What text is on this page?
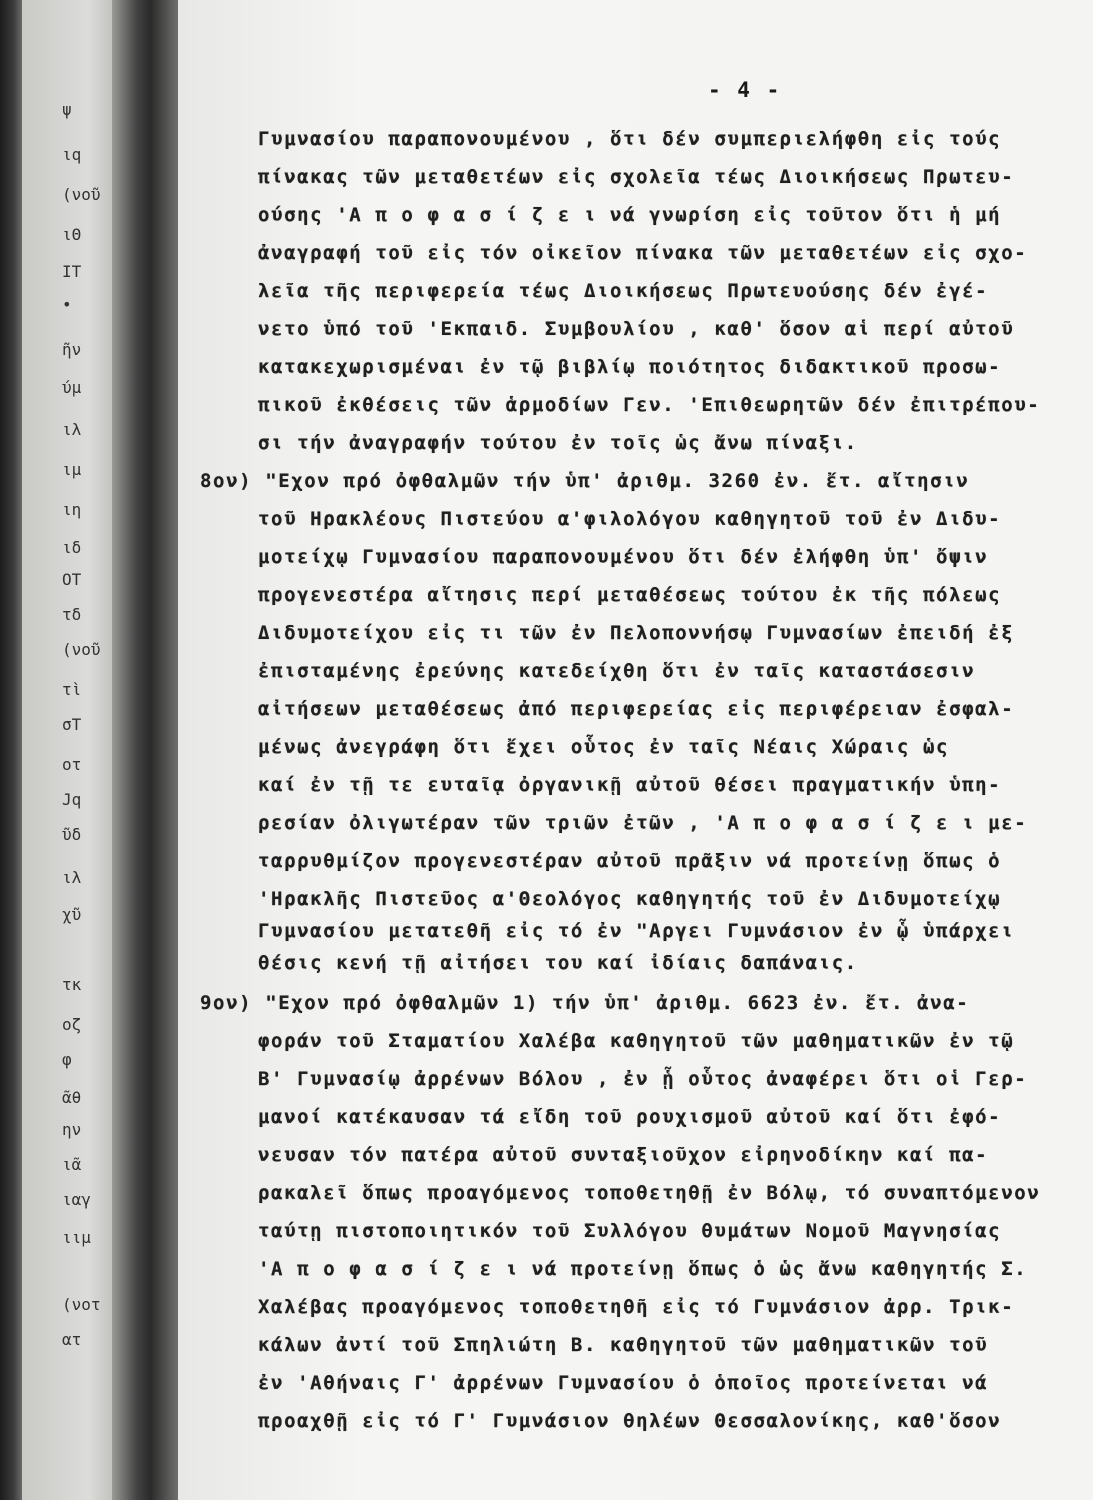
ψ
ιq
(νοῦ
ιΘ
ΙΤ
•
ῆν
ύμ
ιλ
ιμ
ιη
ιδ
ΟΤ
τδ
(νοῦ
τὶ
σΤ
οτ
Jq
ῦδ
ιλ
χῦ
τκ
οζ
φ
ᾶθ
ην
ιᾶ
ιαγ
ιιμ
(νοτ
ατ
- 4 -
Γυμνασίου παραπονουμένου , ὅτι δέν συμπεριελήφθη εἰς τούς
πίνακας τῶν μεταθετέων εἰς σχολεῖα τέως Διοικήσεως Πρωτευ-
ούσης 'Α π ο φ α σ ί ζ ε ι νά γνωρίση εἰς τοῦτον ὅτι ἡ μή
ἀναγραφή τοῦ εἰς τόν οἰκεῖον πίνακα τῶν μεταθετέων εἰς σχο-
λεῖα τῆς περιφερεία τέως Διοικήσεως Πρωτευούσης δέν ἐγέ-
νετο ὑπό τοῦ 'Εκπαιδ. Συμβουλίου , καθ' ὅσον αἱ περί αὐτοῦ
κατακεχωρισμέναι ἐν τῷ βιβλίῳ ποιότητος διδακτικοῦ προσω-
πικοῦ ἐκθέσεις τῶν ἁρμοδίων Γεν. 'Επιθεωρητῶν δέν ἐπιτρέπου-
σι τήν ἀναγραφήν τούτου ἐν τοῖς ὡς ἄνω πίναξι.
8ον) "Εχον πρό ὀφθαλμῶν τήν ὑπ' ἀριθμ. 3260 ἐν. ἔτ. αἴτησιν
τοῦ Ηρακλέους Πιστεύου α'φιλολόγου καθηγητοῦ τοῦ ἐν Διδυ-
μοτείχῳ Γυμνασίου παραπονουμένου ὅτι δέν ἐλήφθη ὑπ' ὄψιν
προγενεστέρα αἴτησις περί μεταθέσεως τούτου ἐκ τῆς πόλεως
Διδυμοτείχου εἰς τι τῶν ἐν Πελοποννήσῳ Γυμνασίων ἐπειδή ἐξ
ἐπισταμένης ἐρεύνης κατεδείχθη ὅτι ἐν ταῖς καταστάσεσιν
αἰτήσεων μεταθέσεως ἀπό περιφερείας εἰς περιφέρειαν ἐσφαλ-
μένως ἀνεγράφη ὅτι ἔχει οὗτος ἐν ταῖς Νέαις Χώραις ὡς
καί ἐν τῇ τε ευταῖᾳ ὀργανικῇ αὐτοῦ θέσει πραγματικήν ὑπη-
ρεσίαν ὀλιγωτέραν τῶν τριῶν ἐτῶν , 'Α π ο φ α σ ί ζ ε ι με-
ταρρυθμίζον προγενεστέραν αὐτοῦ πρᾶξιν νά προτείνῃ ὅπως ὁ
'Ηρακλῆς Πιστεῦος α'Θεολόγος καθηγητής τοῦ ἐν Διδυμοτείχῳ
Γυμνασίου μετατεθῆ εἰς τό ἐν "Αργει Γυμνάσιον ἐν ᾧ ὑπάρχει
θέσις κενή τῇ αἰτήσει του καί ἰδίαις δαπάναις.
9ον) "Εχον πρό ὀφθαλμῶν 1) τήν ὑπ' ἀριθμ. 6623 ἐν. ἔτ. ἀνα-
φοράν τοῦ Σταματίου Χαλέβα καθηγητοῦ τῶν μαθηματικῶν ἐν τῷ
Β' Γυμνασίῳ ἀρρένων Βόλου , ἐν ᾗ οὗτος ἀναφέρει ὅτι οἱ Γερ-
μανοί κατέκαυσαν τά εἴδη τοῦ ρουχισμοῦ αὐτοῦ καί ὅτι ἐφό-
νευσαν τόν πατέρα αὐτοῦ συνταξιοῦχον εἰρηνοδίκην καί πα-
ρακαλεῖ ὅπως προαγόμενος τοποθετηθῇ ἐν Βόλῳ, τό συναπτόμενον
ταύτῃ πιστοποιητικόν τοῦ Συλλόγου θυμάτων Νομοῦ Μαγνησίας
'Α π ο φ α σ ί ζ ε ι νά προτείνῃ ὅπως ὁ ὡς ἄνω καθηγητής Σ.
Χαλέβας προαγόμενος τοποθετηθῆ εἰς τό Γυμνάσιον ἀρρ. Τρικ-
κάλων ἀντί τοῦ Σπηλιώτη Β. καθηγητοῦ τῶν μαθηματικῶν τοῦ
ἐν 'Αθήναις Γ' ἀρρένων Γυμνασίου ὁ ὁποῖος προτείνεται νά
προαχθῇ εἰς τό Γ' Γυμνάσιον θηλέων Θεσσαλονίκης, καθ'ὅσον
